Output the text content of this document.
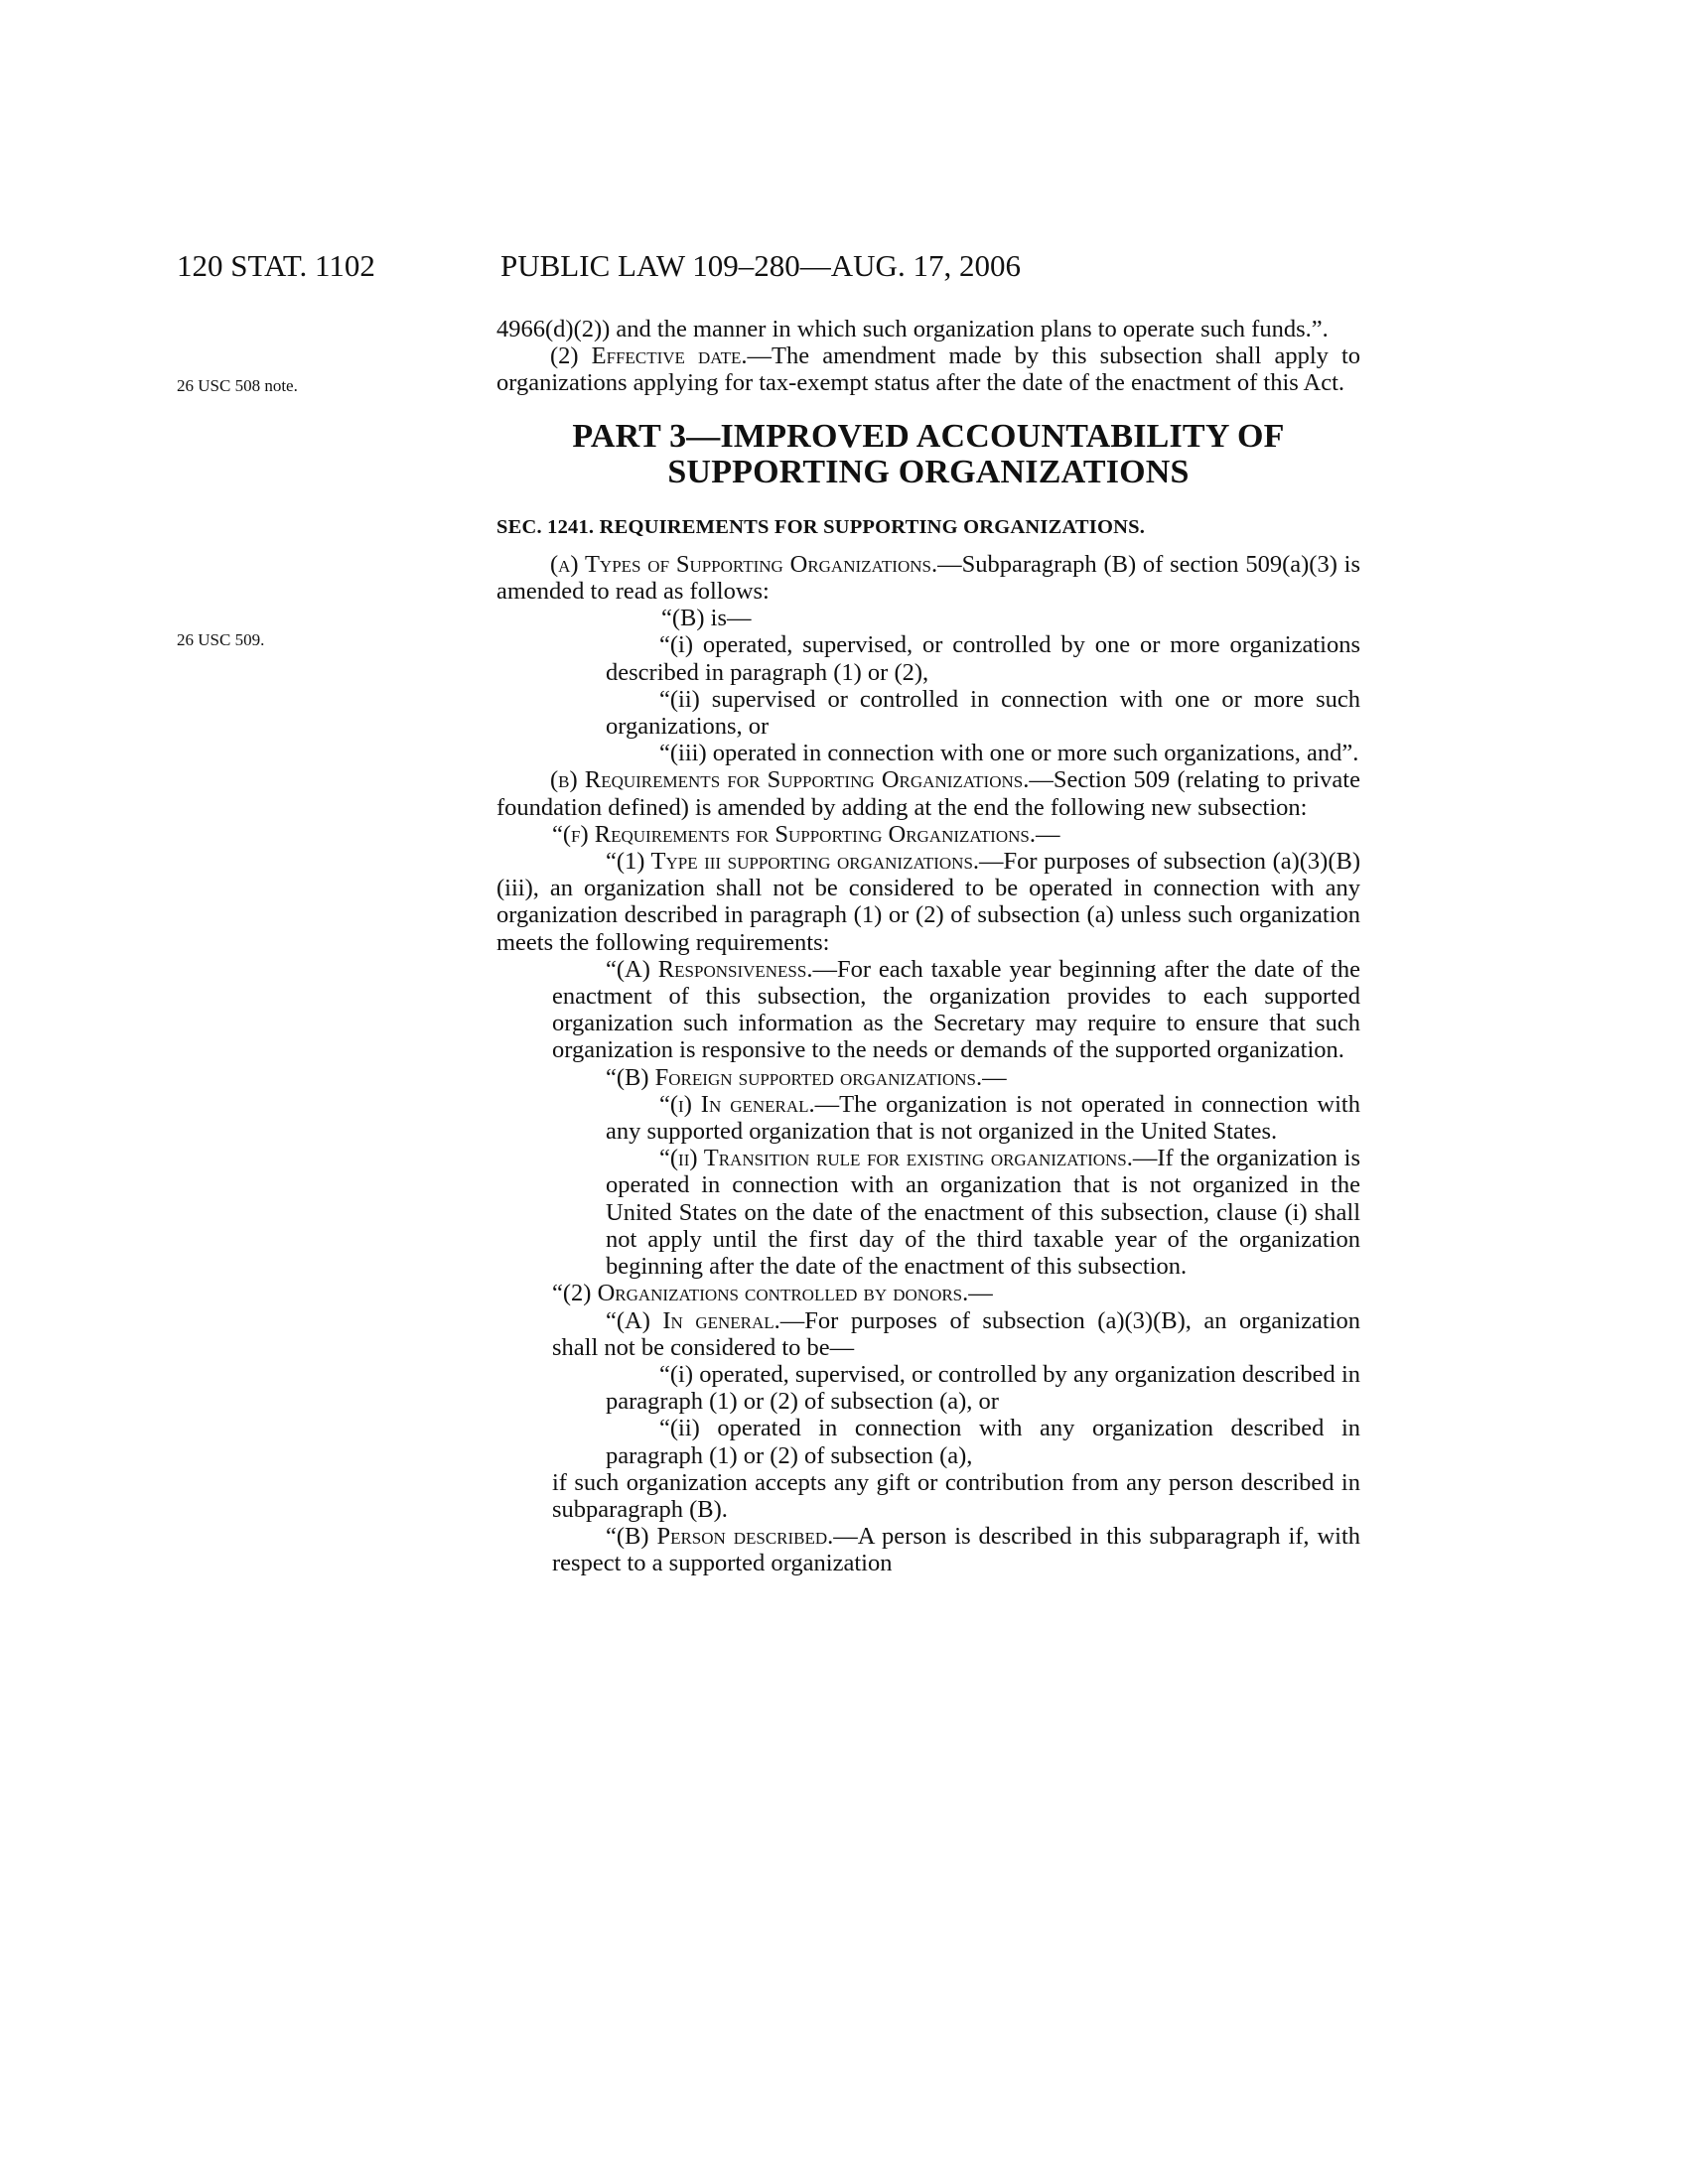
120 STAT. 1102	PUBLIC LAW 109–280—AUG. 17, 2006
26 USC 508 note.
26 USC 509.

4966(d)(2)) and the manner in which such organization plans to operate such funds.”.

(2) Effective date.—The amendment made by this subsection shall apply to organizations applying for tax-exempt status after the date of the enactment of this Act.

PART 3—IMPROVED ACCOUNTABILITY OF
SUPPORTING ORGANIZATIONS
SEC. 1241. REQUIREMENTS FOR SUPPORTING ORGANIZATIONS.

(a) Types of Supporting Organizations.—Subparagraph (B) of section 509(a)(3) is amended to read as follows:

“(B) is—

“(i) operated, supervised, or controlled by one or more organizations described in paragraph (1) or (2),

“(ii) supervised or controlled in connection with one or more such organizations, or

“(iii) operated in connection with one or more such organizations, and”.

(b) Requirements for Supporting Organizations.—Section 509 (relating to private foundation defined) is amended by adding at the end the following new subsection:

“(f) Requirements for Supporting Organizations.—

“(1) Type iii supporting organizations.—For purposes of subsection (a)(3)(B)(iii), an organization shall not be considered to be operated in connection with any organization described in paragraph (1) or (2) of subsection (a) unless such organization meets the following requirements:

“(A) Responsiveness.—For each taxable year beginning after the date of the enactment of this subsection, the organization provides to each supported organization such information as the Secretary may require to ensure that such organization is responsive to the needs or demands of the supported organization.

“(B) Foreign supported organizations.—

“(i) In general.—The organization is not operated in connection with any supported organization that is not organized in the United States.

“(ii) Transition rule for existing organizations.—If the organization is operated in connection with an organization that is not organized in the United States on the date of the enactment of this subsection, clause (i) shall not apply until the first day of the third taxable year of the organization beginning after the date of the enactment of this subsection.

“(2) Organizations controlled by donors.—

“(A) In general.—For purposes of subsection (a)(3)(B), an organization shall not be considered to be—

“(i) operated, supervised, or controlled by any organization described in paragraph (1) or (2) of subsection (a), or

“(ii) operated in connection with any organization described in paragraph (1) or (2) of subsection (a),

if such organization accepts any gift or contribution from any person described in subparagraph (B).

“(B) Person described.—A person is described in this subparagraph if, with respect to a supported organization
